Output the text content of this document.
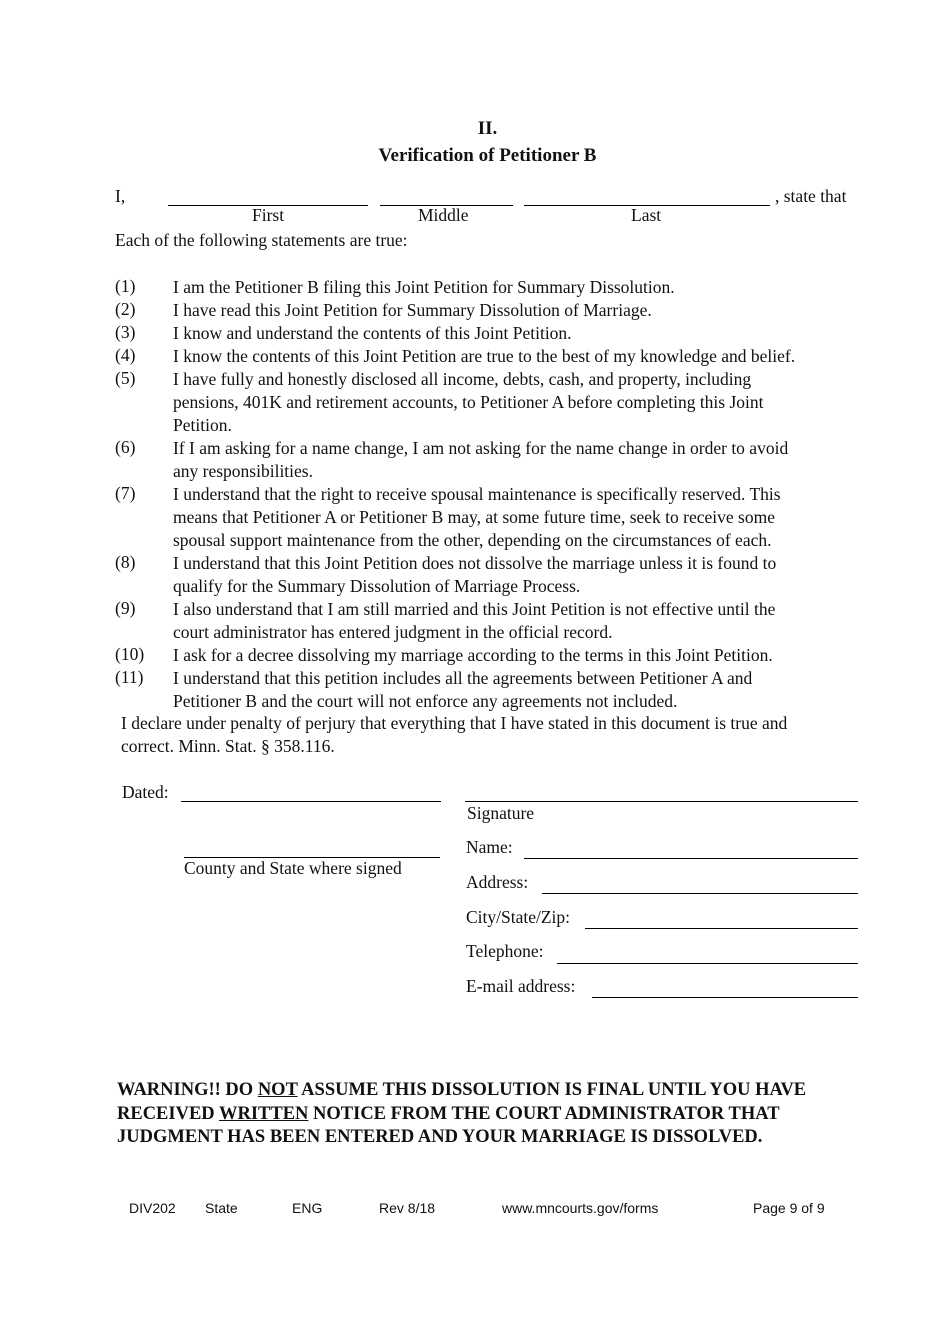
II.
Verification of Petitioner B
I,	, state that
First	Middle	Last
Each of the following statements are true:
(1) I am the Petitioner B filing this Joint Petition for Summary Dissolution.
(2) I have read this Joint Petition for Summary Dissolution of Marriage.
(3) I know and understand the contents of this Joint Petition.
(4) I know the contents of this Joint Petition are true to the best of my knowledge and belief.
(5) I have fully and honestly disclosed all income, debts, cash, and property, including
pensions, 401K and retirement accounts, to Petitioner A before completing this Joint
Petition.
(6) If I am asking for a name change, I am not asking for the name change in order to avoid
any responsibilities.
(7) I understand that the right to receive spousal maintenance is specifically reserved. This
means that Petitioner A or Petitioner B may, at some future time, seek to receive some
spousal support maintenance from the other, depending on the circumstances of each.
(8) I understand that this Joint Petition does not dissolve the marriage unless it is found to
qualify for the Summary Dissolution of Marriage Process.
(9) I also understand that I am still married and this Joint Petition is not effective until the
court administrator has entered judgment in the official record.
(10) I ask for a decree dissolving my marriage according to the terms in this Joint Petition.
(11) I understand that this petition includes all the agreements between Petitioner A and
Petitioner B and the court will not enforce any agreements not included.
I declare under penalty of perjury that everything that I have stated in this document is true and
correct. Minn. Stat. § 358.116.
Dated:
County and State where signed
Signature
Name:
Address:
City/State/Zip:
Telephone:
E-mail address:
WARNING!! DO NOT ASSUME THIS DISSOLUTION IS FINAL UNTIL YOU HAVE RECEIVED WRITTEN NOTICE FROM THE COURT ADMINISTRATOR THAT JUDGMENT HAS BEEN ENTERED AND YOUR MARRIAGE IS DISSOLVED.
DIV202 State	ENG	Rev 8/18	www.mncourts.gov/forms	Page 9 of 9
